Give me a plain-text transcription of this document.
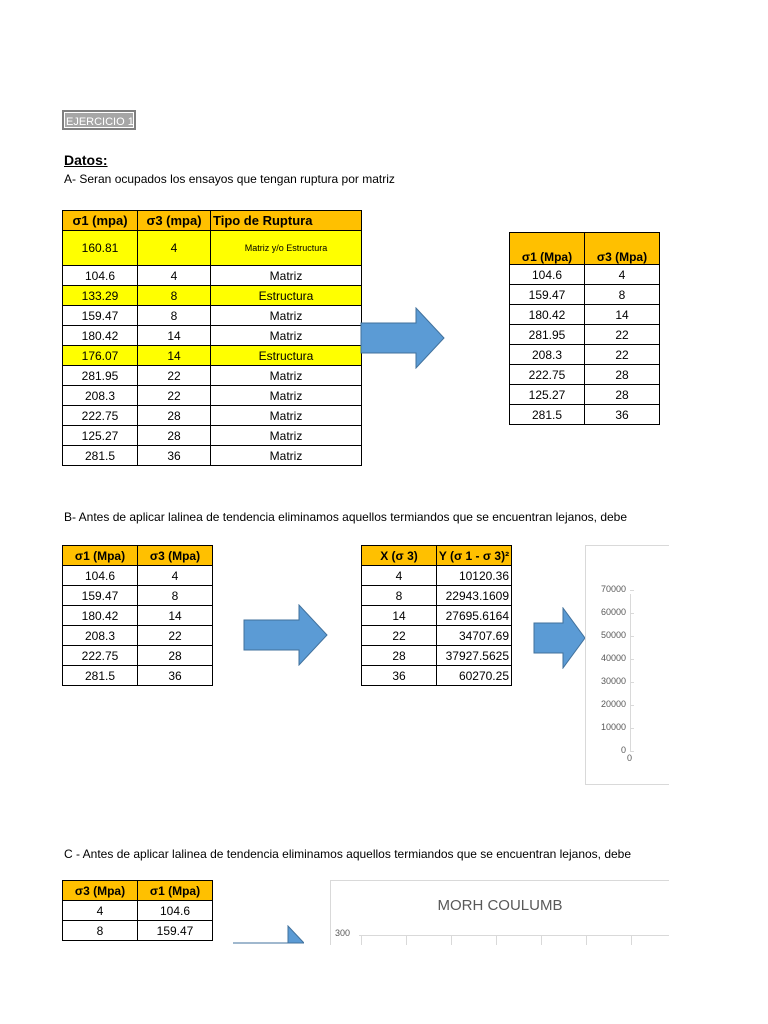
EJERCICIO 1
Datos:
A- Seran ocupados los ensayos que tengan ruptura por matriz
σ1 (mpa)	σ3 (mpa)	Tipo de Ruptura
160.81	4	Matriz y/o Estructura
104.6	4	Matriz
133.29	8	Estructura
159.47	8	Matriz
180.42	14	Matriz
176.07	14	Estructura
281.95	22	Matriz
208.3	22	Matriz
222.75	28	Matriz
125.27	28	Matriz
281.5	36	Matriz
σ1 (Mpa)	σ3 (Mpa)
104.6	4
159.47	8
180.42	14
281.95	22
208.3	22
222.75	28
125.27	28
281.5	36
B- Antes de aplicar lalinea de tendencia eliminamos aquellos termiandos que se encuentran lejanos, debe
σ1 (Mpa)	σ3 (Mpa)
104.6	4
159.47	8
180.42	14
208.3	22
222.75	28
281.5	36
X (σ 3)	Y (σ 1 - σ 3)²
4	10120.36
8	22943.1609
14	27695.6164
22	34707.69
28	37927.5625
36	60270.25
70000
60000
50000
40000
30000
20000
10000
0
0
C - Antes de aplicar lalinea de tendencia eliminamos aquellos termiandos que se encuentran lejanos, debe
σ3 (Mpa)	σ1 (Mpa)
4	104.6
8	159.47
MORH COULUMB
300
